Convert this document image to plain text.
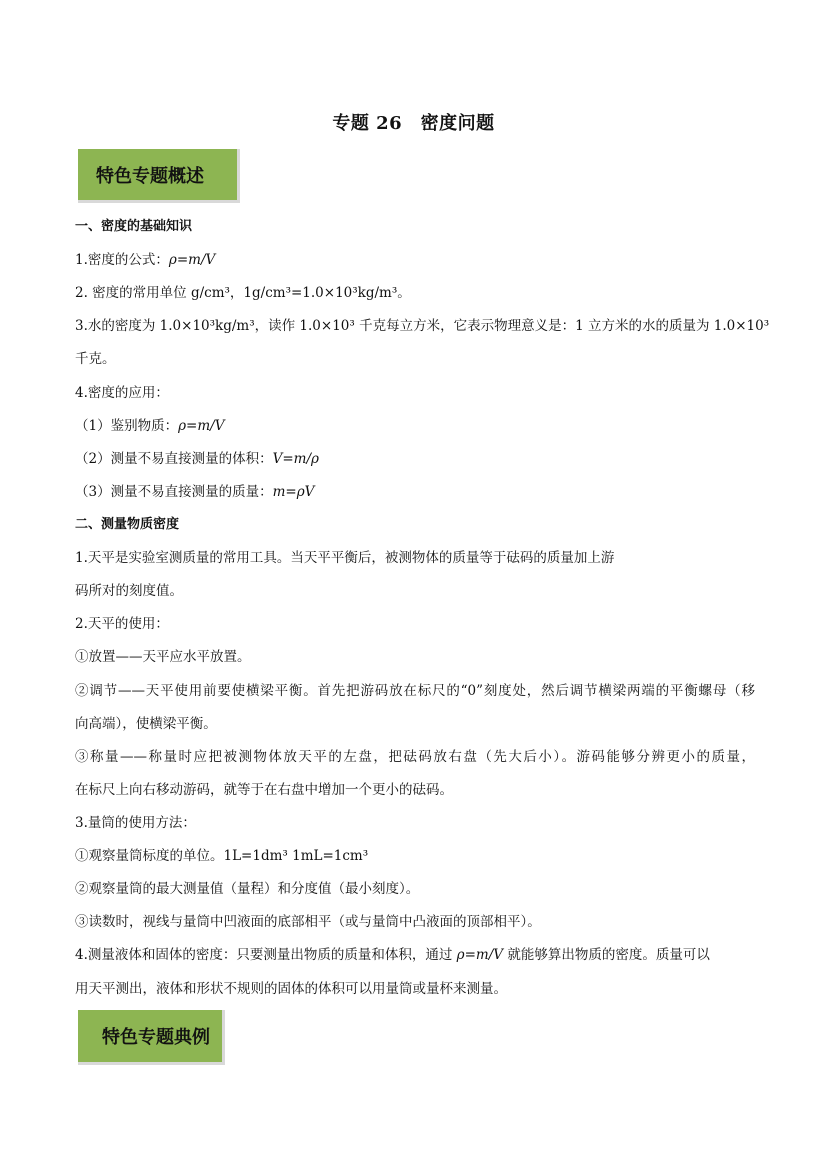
专题 26　密度问题
特色专题概述
一、密度的基础知识
1.密度的公式：ρ=m/V
2. 密度的常用单位 g/cm³，1g/cm³=1.0×10³kg/m³。
3.水的密度为 1.0×10³kg/m³，读作 1.0×10³ 千克每立方米，它表示物理意义是：1 立方米的水的质量为 1.0×10³
千克。
4.密度的应用：
（1）鉴别物质：ρ=m/V
（2）测量不易直接测量的体积：V=m/ρ
（3）测量不易直接测量的质量：m=ρV
二、测量物质密度
1.天平是实验室测质量的常用工具。当天平平衡后，被测物体的质量等于砝码的质量加上游
码所对的刻度值。
2.天平的使用：
①放置——天平应水平放置。
②调节——天平使用前要使横梁平衡。首先把游码放在标尺的“0”刻度处，然后调节横梁两端的平衡螺母（移
向高端），使横梁平衡。
③称量——称量时应把被测物体放天平的左盘，把砝码放右盘（先大后小）。游码能够分辨更小的质量，
在标尺上向右移动游码，就等于在右盘中增加一个更小的砝码。
3.量筒的使用方法：
①观察量筒标度的单位。1L=1dm³ 1mL=1cm³
②观察量筒的最大测量值（量程）和分度值（最小刻度）。
③读数时，视线与量筒中凹液面的底部相平（或与量筒中凸液面的顶部相平）。
4.测量液体和固体的密度：只要测量出物质的质量和体积，通过 ρ=m/V 就能够算出物质的密度。质量可以
用天平测出，液体和形状不规则的固体的体积可以用量筒或量杯来测量。
特色专题典例
